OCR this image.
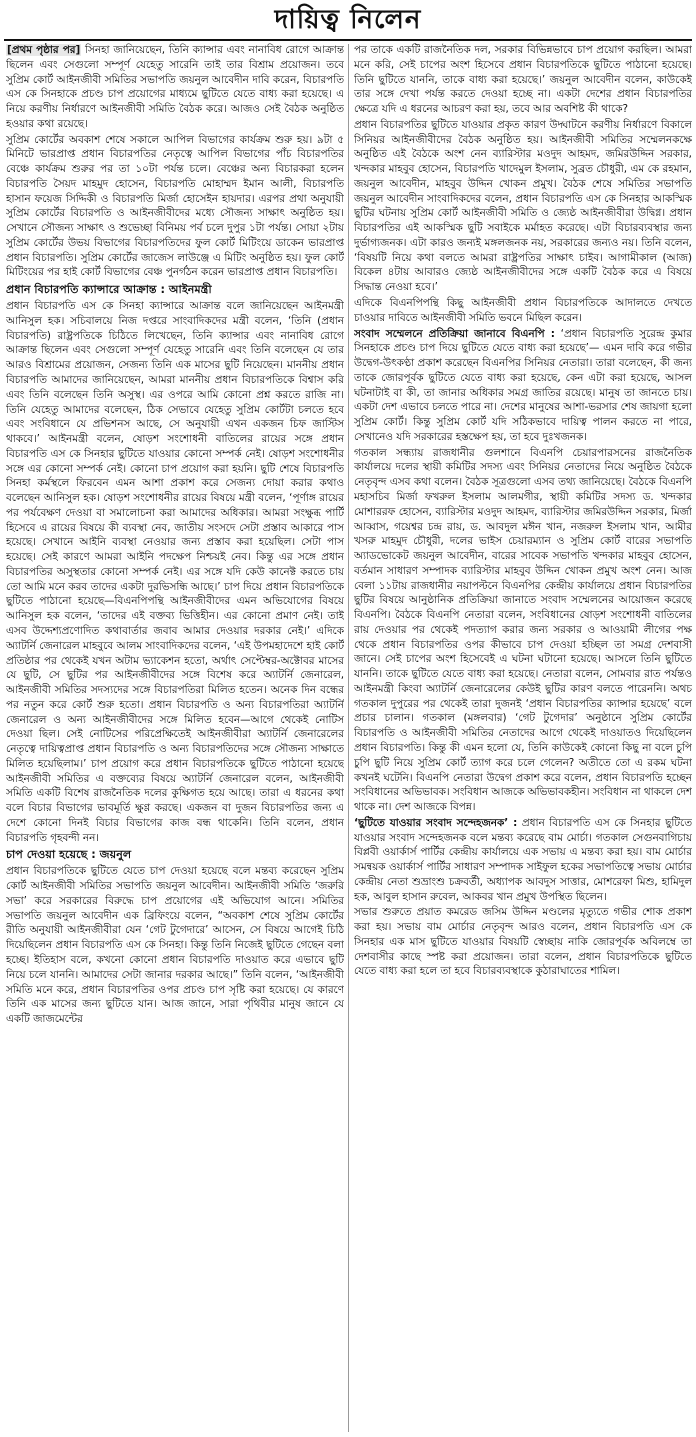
দায়িত্ব নিলেন

[প্রথম পৃষ্ঠার পর] সিনহা জানিয়েছেন, তিনি ক্যান্সার এবং নানাবিধ রোগে আক্রান্ত ছিলেন এবং সেগুলো সম্পূর্ণ যেহেতু সারেনি তাই তার বিশ্রাম প্রয়োজন। তবে সুপ্রিম কোর্ট আইনজীবী সমিতির সভাপতি জয়নুল আবেদীন দাবি করেন, বিচারপতি এস কে সিনহাকে প্রচণ্ড চাপ প্রয়োগের মাধ্যমে ছুটিতে যেতে বাধ্য করা হয়েছে। এ নিয়ে করণীয় নির্ধারণে আইনজীবী সমিতি বৈঠক করে। আজও সেই বৈঠক অনুষ্ঠিত হওয়ার কথা রয়েছে।

সুপ্রিম কোর্টের অবকাশ শেষে সকালে আপিল বিভাগের কার্যক্রম শুরু হয়। ৯টা ৫ মিনিটে ভারপ্রাপ্ত প্রধান বিচারপতির নেতৃত্বে আপিল বিভাগের পাঁচ বিচারপতির বেঞ্চে কার্যক্রম শুরুর পর তা ১০টা পর্যন্ত চলে। বেঞ্চের অন্য বিচারকরা হলেন বিচারপতি সৈয়দ মাহমুদ হোসেন, বিচারপতি মোহাম্মদ ইমান আলী, বিচারপতি হাসান ফয়েজ সিদ্দিকী ও বিচারপতি মির্জা হোসেইন হায়দার। এরপর প্রথা অনুযায়ী সুপ্রিম কোর্টের বিচারপতি ও আইনজীবীদের মধ্যে সৌজন্য সাক্ষাৎ অনুষ্ঠিত হয়। সেখানে সৌজন্য সাক্ষাৎ ও শুভেচ্ছা বিনিময় পর্ব চলে দুপুর ১টা পর্যন্ত। সোয়া ২টায় সুপ্রিম কোর্টের উভয় বিভাগের বিচারপতিদের ফুল কোর্ট মিটিংয়ে ডাকেন ভারপ্রাপ্ত প্রধান বিচারপতি। সুপ্রিম কোর্টের জাজেস লাউঞ্জে এ মিটিং অনুষ্ঠিত হয়। ফুল কোর্ট মিটিংয়ের পর হাই কোর্ট বিভাগের বেঞ্চ পুনর্গঠন করেন ভারপ্রাপ্ত প্রধান বিচারপতি।

প্রধান বিচারপতি ক্যান্সারে আক্রান্ত : আইনমন্ত্রী

প্রধান বিচারপতি এস কে সিনহা ক্যান্সারে আক্রান্ত বলে জানিয়েছেন আইনমন্ত্রী আনিসুল হক। সচিবালয়ে নিজ দপ্তরে সাংবাদিকদের মন্ত্রী বলেন, ‘তিনি (প্রধান বিচারপতি) রাষ্ট্রপতিকে চিঠিতে লিখেছেন, তিনি ক্যান্সার এবং নানাবিধ রোগে আক্রান্ত ছিলেন এবং সেগুলো সম্পূর্ণ যেহেতু সারেনি এবং তিনি বলেছেন যে তার আরও বিশ্রামের প্রয়োজন, সেজন্য তিনি এক মাসের ছুটি নিয়েছেন। মাননীয় প্রধান বিচারপতি আমাদের জানিয়েছেন, আমরা মাননীয় প্রধান বিচারপতিকে বিশ্বাস করি এবং তিনি বলেছেন তিনি অসুস্থ। এর ওপরে আমি কোনো প্রশ্ন করতে রাজি না। তিনি যেহেতু আমাদের বলেছেন, ঠিক সেভাবে যেহেতু সুপ্রিম কোর্টটা চলতে হবে এবং সংবিধানে যে প্রভিশনস আছে, সে অনুযায়ী এখন একজন চিফ জাস্টিস থাকবে।’ আইনমন্ত্রী বলেন, ষোড়শ সংশোধনী বাতিলের রায়ের সঙ্গে প্রধান বিচারপতি এস কে সিনহার ছুটিতে যাওয়ার কোনো সম্পর্ক নেই। ষোড়শ সংশোধনীর সঙ্গে এর কোনো সম্পর্ক নেই। কোনো চাপ প্রয়োগ করা হয়নি। ছুটি শেষে বিচারপতি সিনহা কর্মস্থলে ফিরবেন এমন আশা প্রকাশ করে সেজন্য দোয়া করার কথাও বলেছেন আনিসুল হক। ষোড়শ সংশোধনীর রায়ের বিষয়ে মন্ত্রী বলেন, ‘পূর্ণাঙ্গ রায়ের পর পর্যবেক্ষণ দেওয়া বা সমালোচনা করা আমাদের অধিকার। আমরা সংক্ষুব্ধ পার্টি হিসেবে এ রায়ের বিষয়ে কী ব্যবস্থা নেব, জাতীয় সংসদে সেটা প্রস্তাব আকারে পাস হয়েছে। সেখানে আইনি ব্যবস্থা নেওয়ার জন্য প্রস্তাব করা হয়েছিল। সেটা পাস হয়েছে। সেই কারণে আমরা আইনি পদক্ষেপ নিশ্চয়ই নেব। কিন্তু এর সঙ্গে প্রধান বিচারপতির অসুস্থতার কোনো সম্পর্ক নেই। এর সঙ্গে যদি কেউ কানেক্ট করতে চায় তো আমি মনে করব তাদের একটা দুরভিসন্ধি আছে।’ চাপ দিয়ে প্রধান বিচারপতিকে ছুটিতে পাঠানো হয়েছে—বিএনপিপন্থি আইনজীবীদের এমন অভিযোগের বিষয়ে আনিসুল হক বলেন, ‘তাদের এই বক্তব্য ভিত্তিহীন। এর কোনো প্রমাণ নেই। তাই এসব উদ্দেশ্যপ্রণোদিত কথাবার্তার জবাব আমার দেওয়ার দরকার নেই।’ এদিকে অ্যাটর্নি জেনারেল মাহবুবে আলম সাংবাদিকদের বলেন, ‘এই উপমহাদেশে হাই কোর্ট প্রতিষ্ঠার পর থেকেই যখন অটাম ভ্যাকেশন হতো, অর্থাৎ সেপ্টেম্বর-অক্টোবর মাসের যে ছুটি, সে ছুটির পর আইনজীবীদের সঙ্গে বিশেষ করে অ্যাটর্নি জেনারেল, আইনজীবী সমিতির সদস্যদের সঙ্গে বিচারপতিরা মিলিত হতেন। অনেক দিন বন্ধের পর নতুন করে কোর্ট শুরু হতো। প্রধান বিচারপতি ও অন্য বিচারপতিরা অ্যাটর্নি জেনারেল ও অন্য আইনজীবীদের সঙ্গে মিলিত হবেন—আগে থেকেই নোটিস দেওয়া ছিল। সেই নোটিসের পরিপ্রেক্ষিতেই আইনজীবীরা অ্যাটর্নি জেনারেলের নেতৃত্বে দায়িত্বপ্রাপ্ত প্রধান বিচারপতি ও অন্য বিচারপতিদের সঙ্গে সৌজন্য সাক্ষাতে মিলিত হয়েছিলাম।’ চাপ প্রয়োগ করে প্রধান বিচারপতিকে ছুটিতে পাঠানো হয়েছে আইনজীবী সমিতির এ বক্তব্যের বিষয়ে অ্যাটর্নি জেনারেল বলেন, আইনজীবী সমিতি একটি বিশেষ রাজনৈতিক দলের কুক্ষিগত হয়ে আছে। তারা এ ধরনের কথা বলে বিচার বিভাগের ভাবমূর্তি ক্ষুণ্ণ করছে। একজন বা দুজন বিচারপতির জন্য এ দেশে কোনো দিনই বিচার বিভাগের কাজ বন্ধ থাকেনি। তিনি বলেন, প্রধান বিচারপতি গৃহবন্দী নন।

চাপ দেওয়া হয়েছে : জয়নুল

প্রধান বিচারপতিকে ছুটিতে যেতে চাপ দেওয়া হয়েছে বলে মন্তব্য করেছেন সুপ্রিম কোর্ট আইনজীবী সমিতির সভাপতি জয়নুল আবেদীন। আইনজীবী সমিতি ‘জরুরি সভা’ করে সরকারের বিরুদ্ধে চাপ প্রয়োগের এই অভিযোগ আনে। সমিতির সভাপতি জয়নুল আবেদীন এক ব্রিফিংয়ে বলেন, “অবকাশ শেষে সুপ্রিম কোর্টের রীতি অনুযায়ী আইনজীবীরা যেন ‘গেট টুগেদারে’ আসেন, সে বিষয়ে আগেই চিঠি দিয়েছিলেন প্রধান বিচারপতি এস কে সিনহা। কিন্তু তিনি নিজেই ছুটিতে গেছেন বলা হচ্ছে। ইতিহাস বলে, কখনো কোনো প্রধান বিচারপতি দাওয়াত করে এভাবে ছুটি নিয়ে চলে যাননি। আমাদের সেটা জানার দরকার আছে।” তিনি বলেন, ‘আইনজীবী সমিতি মনে করে, প্রধান বিচারপতির ওপর প্রচণ্ড চাপ সৃষ্টি করা হয়েছে। যে কারণে তিনি এক মাসের জন্য ছুটিতে যান। আজ জানে, সারা পৃথিবীর মানুষ জানে যে একটি জাজমেন্টের

পর তাকে একটি রাজনৈতিক দল, সরকার বিভিন্নভাবে চাপ প্রয়োগ করছিল। আমরা মনে করি, সেই চাপের অংশ হিসেবে প্রধান বিচারপতিকে ছুটিতে পাঠানো হয়েছে। তিনি ছুটিতে যাননি, তাকে বাধ্য করা হয়েছে।’ জয়নুল আবেদীন বলেন, কাউকেই তার সঙ্গে দেখা পর্যন্ত করতে দেওয়া হচ্ছে না। একটা দেশের প্রধান বিচারপতির ক্ষেত্রে যদি এ ধরনের আচরণ করা হয়, তবে আর অবশিষ্ট কী থাকে?

প্রধান বিচারপতির ছুটিতে যাওয়ার প্রকৃত কারণ উদ্ঘাটনে করণীয় নির্ধারণে বিকালে সিনিয়র আইনজীবীদের বৈঠক অনুষ্ঠিত হয়। আইনজীবী সমিতির সম্মেলনকক্ষে অনুষ্ঠিত এই বৈঠকে অংশ নেন ব্যারিস্টার মওদুদ আহমদ, জমিরউদ্দিন সরকার, খন্দকার মাহবুব হোসেন, বিচারপতি খাদেমুল ইসলাম, সুব্রত চৌধুরী, এম কে রহমান, জয়নুল আবেদীন, মাহবুব উদ্দিন খোকন প্রমুখ। বৈঠক শেষে সমিতির সভাপতি জয়নুল আবেদীন সাংবাদিকদের বলেন, প্রধান বিচারপতি এস কে সিনহার আকস্মিক ছুটির ঘটনায় সুপ্রিম কোর্ট আইনজীবী সমিতি ও জ্যেষ্ঠ আইনজীবীরা উদ্বিগ্ন। প্রধান বিচারপতির এই আকস্মিক ছুটি সবাইকে মর্মাহত করেছে। এটা বিচারব্যবস্থার জন্য দুর্ভাগ্যজনক। এটা কারও জন্যই মঙ্গলজনক নয়, সরকারের জন্যও নয়। তিনি বলেন, ‘বিষয়টি নিয়ে কথা বলতে আমরা রাষ্ট্রপতির সাক্ষাৎ চাইব। আগামীকাল (আজ) বিকেল ৪টায় আবারও জ্যেষ্ঠ আইনজীবীদের সঙ্গে একটি বৈঠক করে এ বিষয়ে সিদ্ধান্ত নেওয়া হবে।’

এদিকে বিএনপিপন্থি কিছু আইনজীবী প্রধান বিচারপতিকে আদালতে দেখতে চাওয়ার দাবিতে আইনজীবী সমিতি ভবনে মিছিল করেন।

সংবাদ সম্মেলনে প্রতিক্রিয়া জানাবে বিএনপি : ‘প্রধান বিচারপতি সুরেন্দ্র কুমার সিনহাকে প্রচণ্ড চাপ দিয়ে ছুটিতে যেতে বাধ্য করা হয়েছে’— এমন দাবি করে গভীর উদ্বেগ-উৎকণ্ঠা প্রকাশ করেছেন বিএনপির সিনিয়র নেতারা। তারা বলেছেন, কী জন্য তাকে জোরপূর্বক ছুটিতে যেতে বাধ্য করা হয়েছে, কেন এটা করা হয়েছে, আসল ঘটনাটাই বা কী, তা জানার অধিকার সমগ্র জাতির রয়েছে। মানুষ তা জানতে চায়। একটা দেশ এভাবে চলতে পারে না। দেশের মানুষের আশা-ভরসার শেষ জায়গা হলো সুপ্রিম কোর্ট। কিন্তু সুপ্রিম কোর্ট যদি সঠিকভাবে দায়িত্ব পালন করতে না পারে, সেখানেও যদি সরকারের হস্তক্ষেপ হয়, তা হবে দুঃখজনক।

গতকাল সন্ধ্যায় রাজধানীর গুলশানে বিএনপি চেয়ারপারসনের রাজনৈতিক কার্যালয়ে দলের স্থায়ী কমিটির সদস্য এবং সিনিয়র নেতাদের নিয়ে অনুষ্ঠিত বৈঠকে নেতৃবৃন্দ এসব কথা বলেন। বৈঠক সূত্রগুলো এসব তথ্য জানিয়েছে। বৈঠকে বিএনপি মহাসচিব মির্জা ফখরুল ইসলাম আলমগীর, স্থায়ী কমিটির সদস্য ড. খন্দকার মোশাররফ হোসেন, ব্যারিস্টার মওদুদ আহমদ, ব্যারিস্টার জমিরউদ্দিন সরকার, মির্জা আব্বাস, গয়েশ্বর চন্দ্র রায়, ড. আবদুল মঈন খান, নজরুল ইসলাম খান, আমীর খসরু মাহমুদ চৌধুরী, দলের ভাইস চেয়ারম্যান ও সুপ্রিম কোর্ট বারের সভাপতি অ্যাডভোকেট জয়নুল আবেদীন, বারের সাবেক সভাপতি খন্দকার মাহবুব হোসেন, বর্তমান সাধারণ সম্পাদক ব্যারিস্টার মাহবুব উদ্দিন খোকন প্রমুখ অংশ নেন। আজ বেলা ১১টায় রাজধানীর নয়াপল্টনে বিএনপির কেন্দ্রীয় কার্যালয়ে প্রধান বিচারপতির ছুটির বিষয়ে আনুষ্ঠানিক প্রতিক্রিয়া জানাতে সংবাদ সম্মেলনের আয়োজন করেছে বিএনপি। বৈঠকে বিএনপি নেতারা বলেন, সংবিধানের ষোড়শ সংশোধনী বাতিলের রায় দেওয়ার পর থেকেই পদত্যাগ করার জন্য সরকার ও আওয়ামী লীগের পক্ষ থেকে প্রধান বিচারপতির ওপর কীভাবে চাপ দেওয়া হচ্ছিল তা সমগ্র দেশবাসী জানে। সেই চাপের অংশ হিসেবেই এ ঘটনা ঘটানো হয়েছে। আসলে তিনি ছুটিতে যাননি। তাকে ছুটিতে যেতে বাধ্য করা হয়েছে। নেতারা বলেন, সোমবার রাত পর্যন্তও আইনমন্ত্রী কিংবা অ্যাটর্নি জেনারেলের কেউই ছুটির কারণ বলতে পারেননি। অথচ গতকাল দুপুরের পর থেকেই তারা দুজনই ‘প্রধান বিচারপতির ক্যান্সার হয়েছে’ বলে প্রচার চালান। গতকাল (মঙ্গলবার) ‘গেট টুগেদার’ অনুষ্ঠানে সুপ্রিম কোর্টের বিচারপতি ও আইনজীবী সমিতির নেতাদের আগে থেকেই দাওয়াতও দিয়েছিলেন প্রধান বিচারপতি। কিন্তু কী এমন হলো যে, তিনি কাউকেই কোনো কিছু না বলে চুপি চুপি ছুটি নিয়ে সুপ্রিম কোর্ট ত্যাগ করে চলে গেলেন? অতীতে তো এ রকম ঘটনা কখনই ঘটেনি। বিএনপি নেতারা উদ্বেগ প্রকাশ করে বলেন, প্রধান বিচারপতি হচ্ছেন সংবিধানের অভিভাবক। সংবিধান আজকে অভিভাবকহীন। সংবিধান না থাকলে দেশ থাকে না। দেশ আজকে বিপন্ন।

‘ছুটিতে যাওয়ার সংবাদ সন্দেহজনক’ : প্রধান বিচারপতি এস কে সিনহার ছুটিতে যাওয়ার সংবাদ সন্দেহজনক বলে মন্তব্য করেছে বাম মোর্চা। গতকাল সেগুনবাগিচায় বিপ্লবী ওয়ার্কার্স পার্টির কেন্দ্রীয় কার্যালয়ে এক সভায় এ মন্তব্য করা হয়। বাম মোর্চার সমন্বয়ক ওয়ার্কার্স পার্টির সাধারণ সম্পাদক সাইফুল হকের সভাপতিত্বে সভায় মোর্চার কেন্দ্রীয় নেতা শুভ্রাংশু চক্রবর্তী, অধ্যাপক আবদুস সাত্তার, মোশরেফা মিশু, হামিদুল হক, আবুল হাসান রুবেল, আকবর খান প্রমুখ উপস্থিত ছিলেন।

সভার শুরুতে প্রয়াত কমরেড জসিম উদ্দিন মণ্ডলের মৃত্যুতে গভীর শোক প্রকাশ করা হয়। সভায় বাম মোর্চার নেতৃবৃন্দ আরও বলেন, প্রধান বিচারপতি এস কে সিনহার এক মাস ছুটিতে যাওয়ার বিষয়টি স্বেচ্ছায় নাকি জোরপূর্বক অবিলম্বে তা দেশবাসীর কাছে স্পষ্ট করা প্রয়োজন। তারা বলেন, প্রধান বিচারপতিকে ছুটিতে যেতে বাধ্য করা হলে তা হবে বিচারব্যবস্থাকে কুঠারাঘাতের শামিল।
